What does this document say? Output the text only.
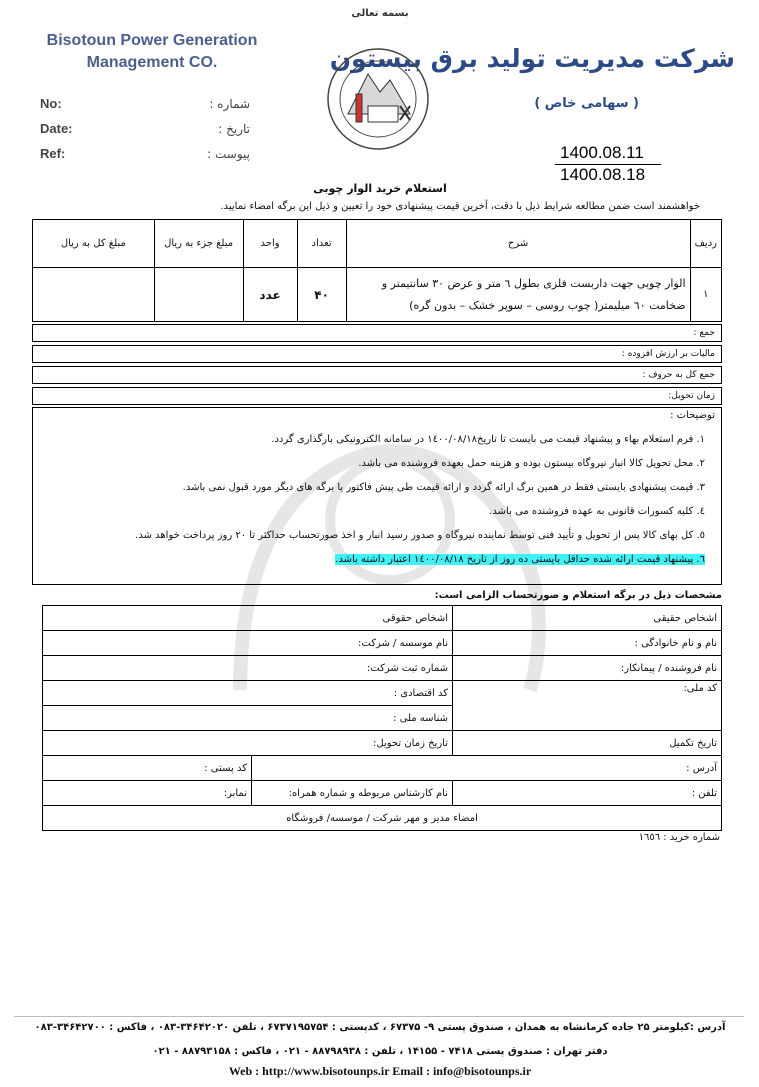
بسمه تعالی
Bisotoun Power Generation
Management CO.	شرکت مدیریت تولید برق بیستون
( سهامی خاص )
No:
Date:
Ref:
شماره :
تاریخ :
پیوست :	1400.08.11
1400.08.18
استعلام خرید الوار چوبی
خواهشمند است ضمن مطالعه شرایط ذیل با دقت، آخرین قیمت پیشنهادی خود را تعیین و ذیل این برگه امضاء نمایید.
ردیف	شرح	تعداد	واحد	مبلغ جزء به ریال	مبلغ کل به ریال
۱	الوار چوبی جهت داربست فلزی بطول ٦ متر و عرض ٣٠ سانتیمتر و
ضخامت ٦٠ میلیمتر( چوب روسی – سوپر خشک – بدون گره)	۴۰	عدد		
جمع :
مالیات بر ارزش افزوده :
جمع کل به حروف :
زمان تحویل:
توضیحات :
١. فرم استعلام بهاء و پیشنهاد قیمت می بایست تا تاریخ١٤٠٠/٠٨/١٨ در سامانه الکترونیکی بارگذاری گردد.
٢. محل تحویل کالا انبار نیروگاه بیستون بوده و هزینه حمل بعهده فروشنده می باشد.
٣. قیمت پیشنهادی بایستی فقط در همین برگ ارائه گردد و ارائه قیمت طی پیش فاکتور یا برگه های دیگر مورد قبول نمی باشد.
٤. کلیه کسورات قانونی به عهده فروشنده می باشد.
٥. کل بهای کالا پس از تحویل و تأیید فنی توسط نماینده نیروگاه و صدور رسید انبار و اخذ صورتحساب حداکثر تا ٢٠ روز پرداخت خواهد شد.
٦. پیشنهاد قیمت ارائه شده حداقل بایستی ده روز از تاریخ ١٤٠٠/٠٨/١٨ اعتبار داشته باشد.
مشخصات ذیل در برگه استعلام و صورتحساب الزامی است:
اشخاص حقیقی	اشخاص حقوقی	
نام و نام خانوادگی :	نام موسسه / شرکت:	
نام فروشنده / پیمانکار:	شماره ثبت شرکت:	
کد ملی:	کد اقتصادی :	
	شناسه ملی :	
تاریخ تکمیل	تاریخ زمان تحویل:	
آدرس :		کد پستی :
تلفن :	نام کارشناس مربوطه و شماره همراه:	نمابر:
امضاء مدیر و مهر شرکت / موسسه/ فروشگاه		
شماره خرید : ١٦٥٦
آدرس :کیلومتر ۲۵ جاده کرمانشاه به همدان ، صندوق پستی ۹- ۶۷۳۷۵ ، کدپستی : ۶۷۳۷۱۹۵۷۵۴ ، تلفن ۳۴۶۴۲۰۲۰-۰۸۳ ، فاکس : ۳۴۶۴۲۷۰۰-۰۸۳
دفتر تهران : صندوق پستی ۷۴۱۸ - ۱۴۱۵۵ ، تلفن : ۸۸۷۹۸۹۳۸ - ۰۲۱ ، فاکس : ۸۸۷۹۳۱۵۸ - ۰۲۱
Web : http://www.bisotounps.ir Email : info@bisotounps.ir
